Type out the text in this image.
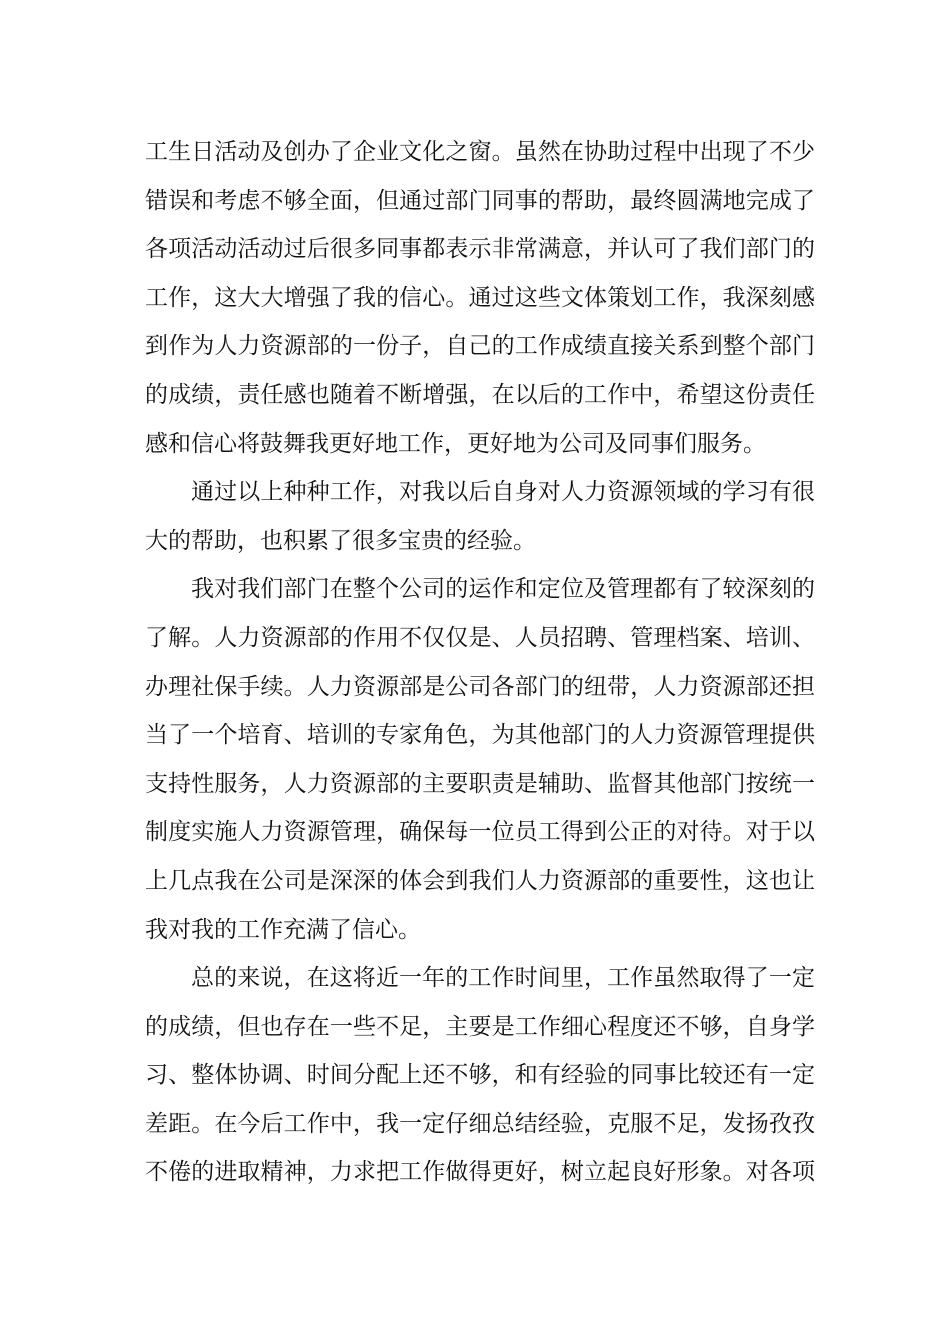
工生日活动及创办了企业文化之窗。虽然在协助过程中出现了不少
错误和考虑不够全面，但通过部门同事的帮助，最终圆满地完成了
各项活动活动过后很多同事都表示非常满意，并认可了我们部门的
工作，这大大增强了我的信心。通过这些文体策划工作，我深刻感
到作为人力资源部的一份子，自己的工作成绩直接关系到整个部门
的成绩，责任感也随着不断增强，在以后的工作中，希望这份责任
感和信心将鼓舞我更好地工作，更好地为公司及同事们服务。
通过以上种种工作，对我以后自身对人力资源领域的学习有很
大的帮助，也积累了很多宝贵的经验。
我对我们部门在整个公司的运作和定位及管理都有了较深刻的
了解。人力资源部的作用不仅仅是、人员招聘、管理档案、培训、
办理社保手续。人力资源部是公司各部门的纽带，人力资源部还担
当了一个培育、培训的专家角色，为其他部门的人力资源管理提供
支持性服务，人力资源部的主要职责是辅助、监督其他部门按统一
制度实施人力资源管理，确保每一位员工得到公正的对待。对于以
上几点我在公司是深深的体会到我们人力资源部的重要性，这也让
我对我的工作充满了信心。
总的来说，在这将近一年的工作时间里，工作虽然取得了一定
的成绩，但也存在一些不足，主要是工作细心程度还不够，自身学
习、整体协调、时间分配上还不够，和有经验的同事比较还有一定
差距。在今后工作中，我一定仔细总结经验，克服不足，发扬孜孜
不倦的进取精神，力求把工作做得更好，树立起良好形象。对各项
